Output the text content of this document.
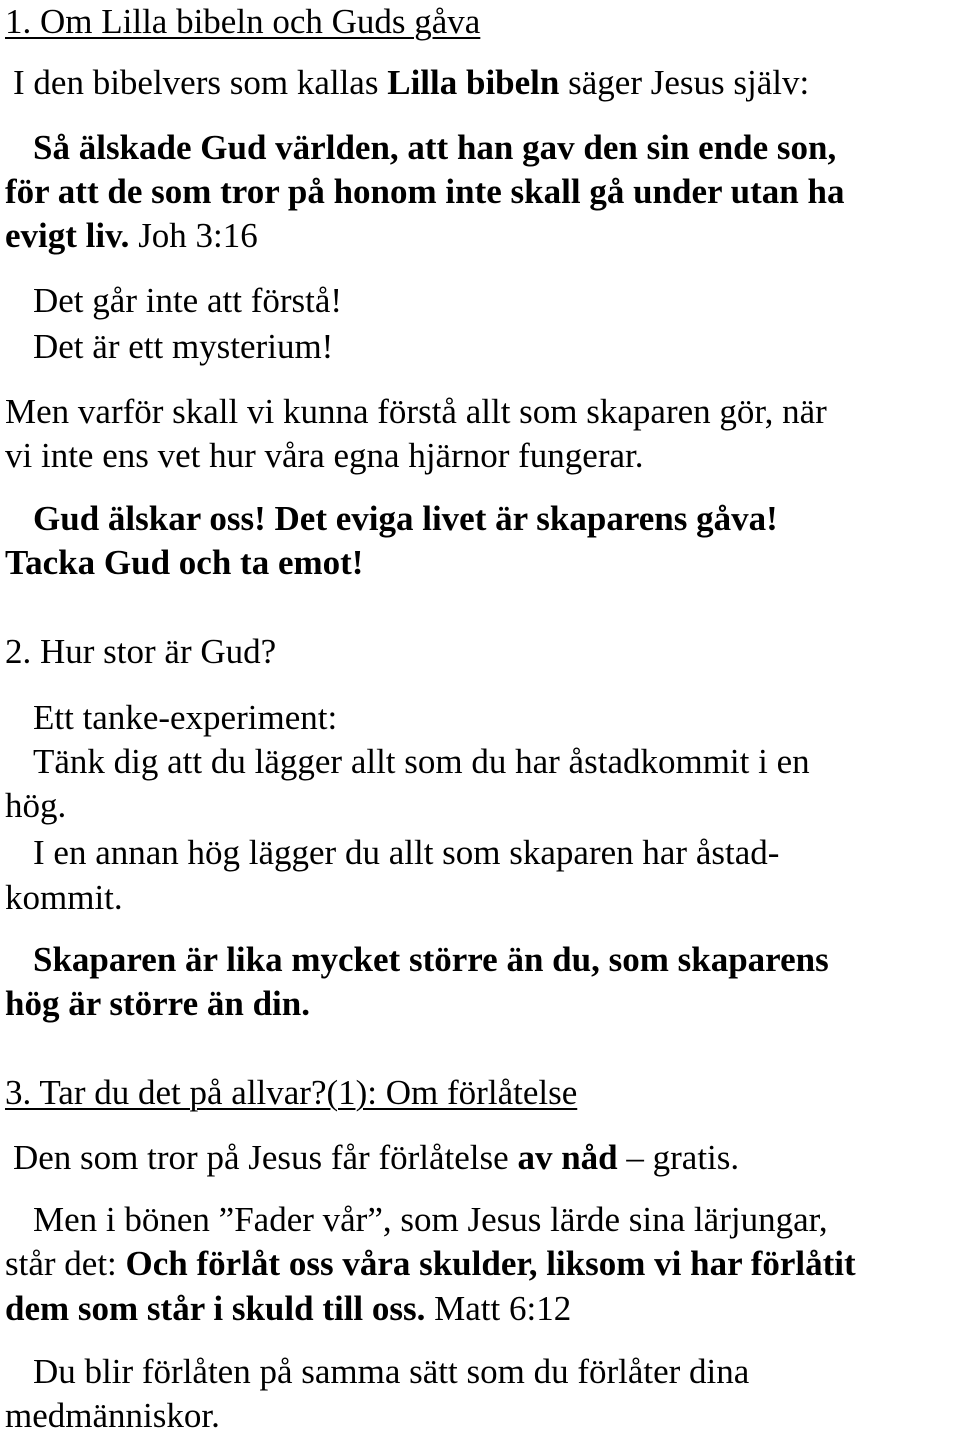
1. Om Lilla bibeln och Guds gåva
I den bibelvers som kallas Lilla bibeln säger Jesus själv:
Så älskade Gud världen, att han gav den sin ende son,
för att de som tror på honom inte skall gå under utan ha
evigt liv. Joh 3:16
Det går inte att förstå!
Det är ett mysterium!
Men varför skall vi kunna förstå allt som skaparen gör, när
vi inte ens vet hur våra egna hjärnor fungerar.
Gud älskar oss! Det eviga livet är skaparens gåva!
Tacka Gud och ta emot!
2. Hur stor är Gud?
Ett tanke-experiment:
Tänk dig att du lägger allt som du har åstadkommit i en
hög.
I en annan hög lägger du allt som skaparen har åstad-
kommit.
Skaparen är lika mycket större än du, som skaparens
hög är större än din.
3. Tar du det på allvar?(1): Om förlåtelse
Den som tror på Jesus får förlåtelse av nåd – gratis.
Men i bönen ”Fader vår”, som Jesus lärde sina lärjungar,
står det: Och förlåt oss våra skulder, liksom vi har förlåtit
dem som står i skuld till oss. Matt 6:12
Du blir förlåten på samma sätt som du förlåter dina
medmänniskor.
